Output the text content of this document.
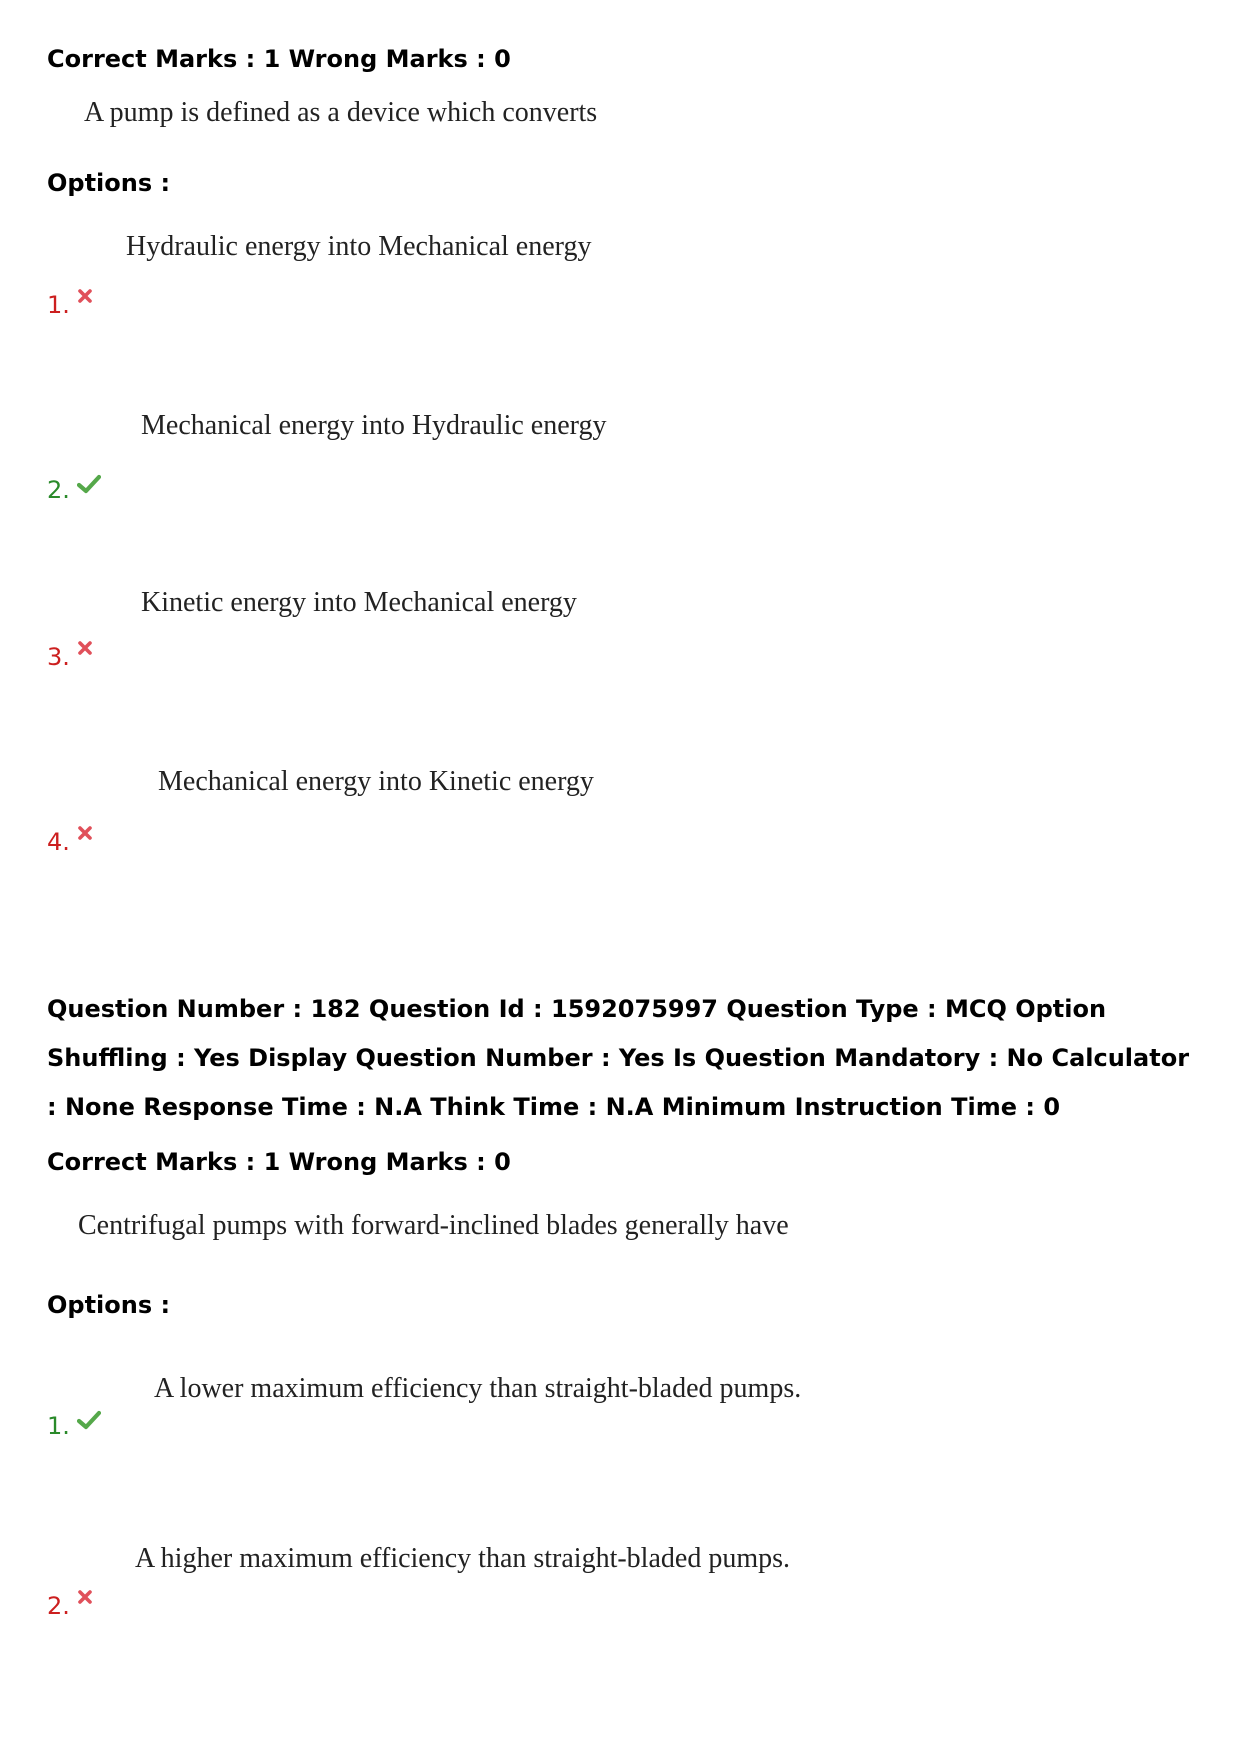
Correct Marks : 1 Wrong Marks : 0
A pump is defined as a device which converts
Options :
Hydraulic energy into Mechanical energy
1.
Mechanical energy into Hydraulic energy
2.
Kinetic energy into Mechanical energy
3.
Mechanical energy into Kinetic energy
4.
Question Number : 182 Question Id : 1592075997 Question Type : MCQ Option Shuffling : Yes Display Question Number : Yes Is Question Mandatory : No Calculator : None Response Time : N.A Think Time : N.A Minimum Instruction Time : 0
Correct Marks : 1 Wrong Marks : 0
Centrifugal pumps with forward-inclined blades generally have
Options :
A lower maximum efficiency than straight-bladed pumps.
1.
A higher maximum efficiency than straight-bladed pumps.
2.
